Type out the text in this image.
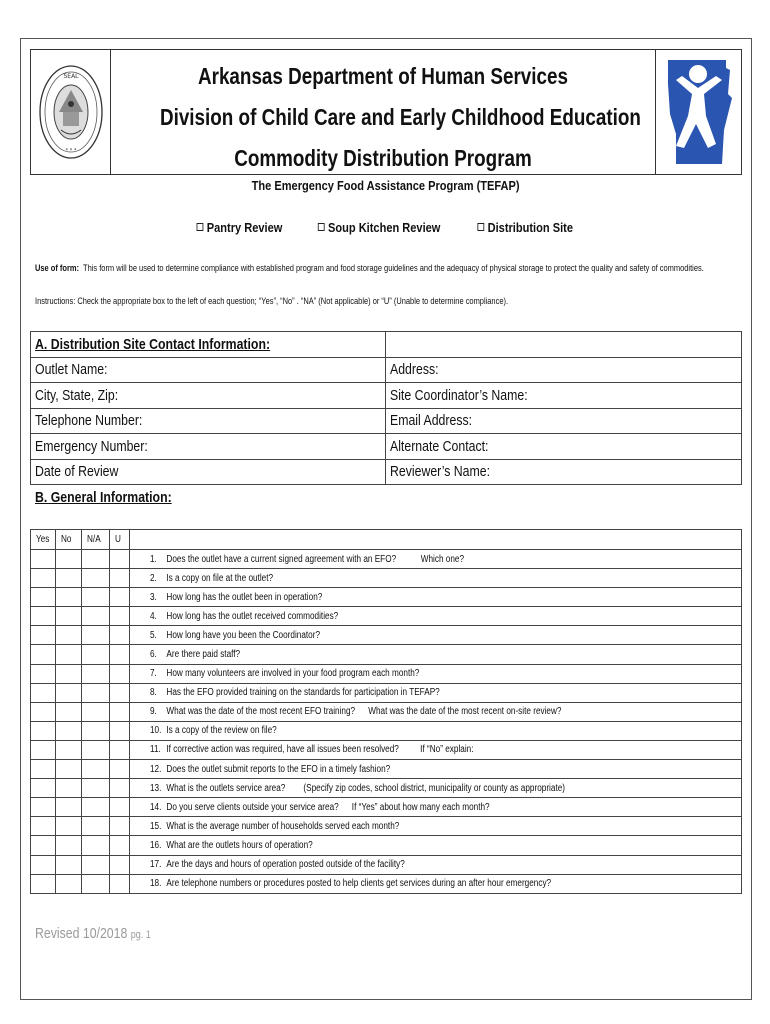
SEAL
* * *
Arkansas Department of Human Services
Division of Child Care and Early Childhood Education
Commodity Distribution Program
The Emergency Food Assistance Program (TEFAP)
Pantry Review	Soup Kitchen Review	Distribution Site
Use of form: This form will be used to determine compliance with established program and food storage guidelines and the adequacy of physical storage to protect the quality and safety of commodities.
Instructions: Check the appropriate box to the left of each question; “Yes”, “No” . “NA” (Not applicable) or “U” (Unable to determine compliance).
A. Distribution Site Contact Information:	
Outlet Name:	Address:
City, State, Zip:	Site Coordinator’s Name:
Telephone Number:	Email Address:
Emergency Number:	Alternate Contact:
Date of Review	Reviewer’s Name:
B. General Information:
Yes	No	N/A	U	
				1. Does the outlet have a current signed agreement with an EFO? Which one?
				2. Is a copy on file at the outlet?
				3. How long has the outlet been in operation?
				4. How long has the outlet received commodities?
				5. How long have you been the Coordinator?
				6. Are there paid staff?
				7. How many volunteers are involved in your food program each month?
				8. Has the EFO provided training on the standards for participation in TEFAP?
				9. What was the date of the most recent EFO training? What was the date of the most recent on-site review?
				10. Is a copy of the review on file?
				11. If corrective action was required, have all issues been resolved? If “No” explain:
				12. Does the outlet submit reports to the EFO in a timely fashion?
				13. What is the outlets service area? (Specify zip codes, school district, municipality or county as appropriate)
				14. Do you serve clients outside your service area? If “Yes” about how many each month?
				15. What is the average number of households served each month?
				16. What are the outlets hours of operation?
				17. Are the days and hours of operation posted outside of the facility?
				18. Are telephone numbers or procedures posted to help clients get services during an after hour emergency?
Revised 10/2018 pg. 1
